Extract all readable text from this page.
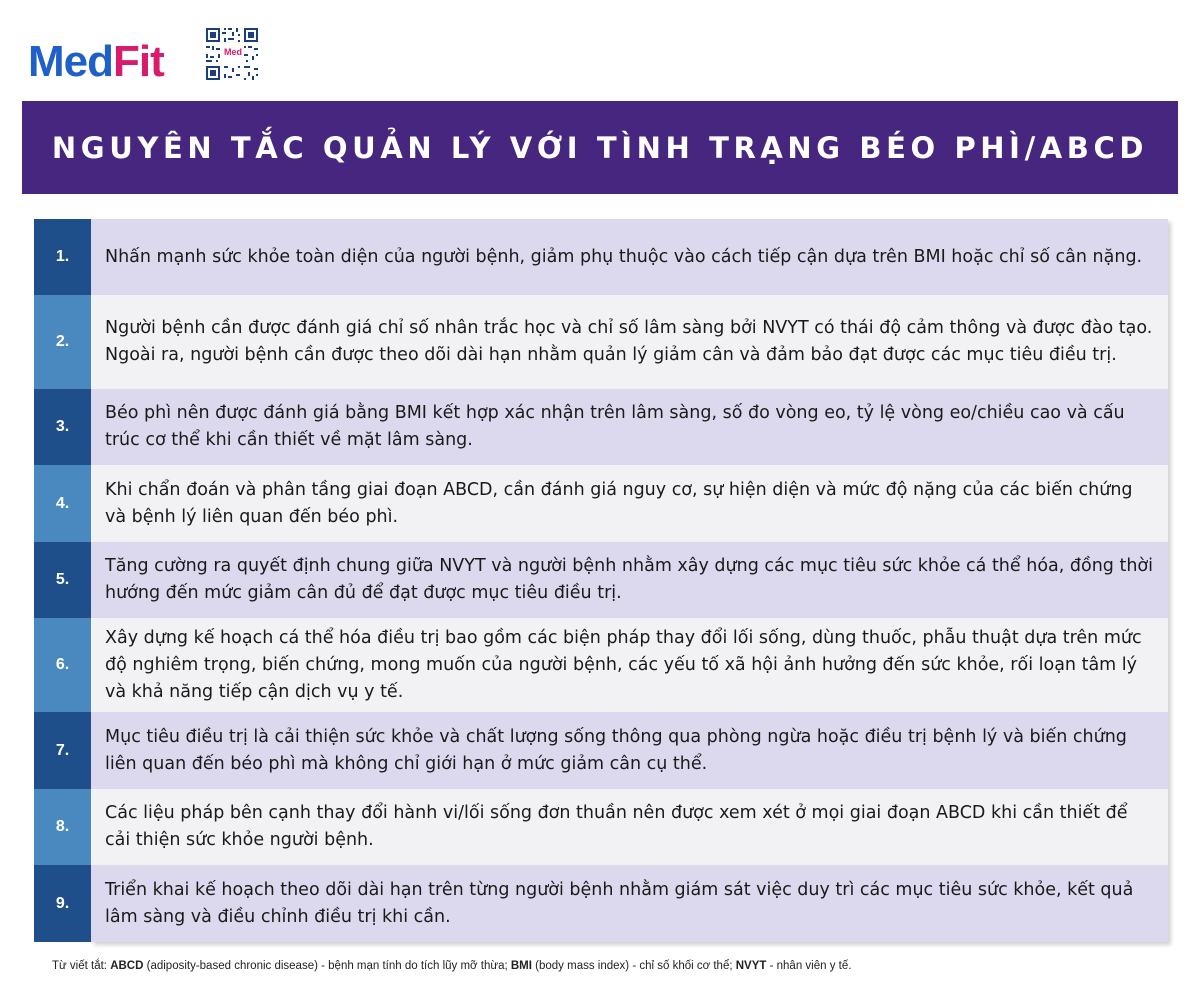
Med Fit	Med
NGUYÊN TẮC QUẢN LÝ VỚI TÌNH TRẠNG BÉO PHÌ/ABCD
1.	Nhấn mạnh sức khỏe toàn diện của người bệnh, giảm phụ thuộc vào cách tiếp cận dựa trên BMI hoặc chỉ số cân nặng.
2.
Người bệnh cần được đánh giá chỉ số nhân trắc học và chỉ số lâm sàng bởi NVYT có thái độ cảm thông và được đào tạo. Ngoài ra, người bệnh cần được theo dõi dài hạn nhằm quản lý giảm cân và đảm bảo đạt được các mục tiêu điều trị.
3.
Béo phì nên được đánh giá bằng BMI kết hợp xác nhận trên lâm sàng, số đo vòng eo, tỷ lệ vòng eo/chiều cao và cấu trúc cơ thể khi cần thiết về mặt lâm sàng.
4.
Khi chẩn đoán và phân tầng giai đoạn ABCD, cần đánh giá nguy cơ, sự hiện diện và mức độ nặng của các biến chứng và bệnh lý liên quan đến béo phì.
5.
Tăng cường ra quyết định chung giữa NVYT và người bệnh nhằm xây dựng các mục tiêu sức khỏe cá thể hóa, đồng thời hướng đến mức giảm cân đủ để đạt được mục tiêu điều trị.
6.
Xây dựng kế hoạch cá thể hóa điều trị bao gồm các biện pháp thay đổi lối sống, dùng thuốc, phẫu thuật dựa trên mức độ nghiêm trọng, biến chứng, mong muốn của người bệnh, các yếu tố xã hội ảnh hưởng đến sức khỏe, rối loạn tâm lý và khả năng tiếp cận dịch vụ y tế.
7.
Mục tiêu điều trị là cải thiện sức khỏe và chất lượng sống thông qua phòng ngừa hoặc điều trị bệnh lý và biến chứng liên quan đến béo phì mà không chỉ giới hạn ở mức giảm cân cụ thể.
8.
Các liệu pháp bên cạnh thay đổi hành vi/lối sống đơn thuần nên được xem xét ở mọi giai đoạn ABCD khi cần thiết để cải thiện sức khỏe người bệnh.
9.
Triển khai kế hoạch theo dõi dài hạn trên từng người bệnh nhằm giám sát việc duy trì các mục tiêu sức khỏe, kết quả lâm sàng và điều chỉnh điều trị khi cần.
Từ viết tắt: ABCD (adiposity-based chronic disease) - bệnh mạn tính do tích lũy mỡ thừa; BMI (body mass index) - chỉ số khối cơ thể; NVYT - nhân viên y tế.
